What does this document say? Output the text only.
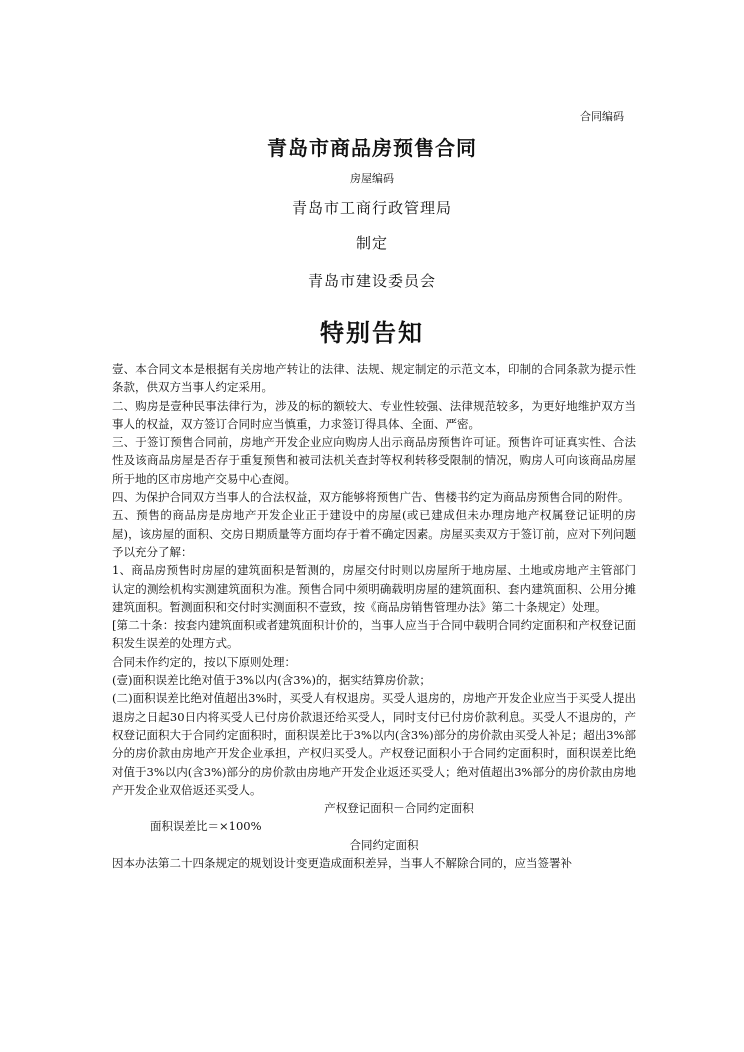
合同编码
青岛市商品房预售合同
房屋编码
青岛市工商行政管理局
制定
青岛市建设委员会
特别告知

壹、本合同文本是根据有关房地产转让的法律、法规、规定制定的示范文本，印制的合同条款为提示性条款，供双方当事人约定采用。

二、购房是壹种民事法律行为，涉及的标的额较大、专业性较强、法律规范较多，为更好地维护双方当事人的权益，双方签订合同时应当慎重，力求签订得具体、全面、严密。

三、于签订预售合同前，房地产开发企业应向购房人出示商品房预售许可证。预售许可证真实性、合法性及该商品房屋是否存于重复预售和被司法机关查封等权利转移受限制的情况，购房人可向该商品房屋所于地的区市房地产交易中心查阅。

四、为保护合同双方当事人的合法权益，双方能够将预售广告、售楼书约定为商品房预售合同的附件。

五、预售的商品房是房地产开发企业正于建设中的房屋(或已建成但未办理房地产权属登记证明的房屋)，该房屋的面积、交房日期质量等方面均存于着不确定因素。房屋买卖双方于签订前，应对下列问题予以充分了解：

1、商品房预售时房屋的建筑面积是暂测的，房屋交付时则以房屋所于地房屋、土地或房地产主管部门认定的测绘机构实测建筑面积为准。预售合同中须明确载明房屋的建筑面积、套内建筑面积、公用分摊建筑面积。暂测面积和交付时实测面积不壹致，按《商品房销售管理办法》第二十条规定）处理。

[第二十条：按套内建筑面积或者建筑面积计价的，当事人应当于合同中载明合同约定面积和产权登记面积发生误差的处理方式。

合同未作约定的，按以下原则处理：

(壹)面积误差比绝对值于3%以内(含3%)的，据实结算房价款；

(二)面积误差比绝对值超出3%时，买受人有权退房。买受人退房的，房地产开发企业应当于买受人提出退房之日起30日内将买受人已付房价款退还给买受人，同时支付已付房价款利息。买受人不退房的，产权登记面积大于合同约定面积时，面积误差比于3%以内(含3%)部分的房价款由买受人补足；超出3%部分的房价款由房地产开发企业承担，产权归买受人。产权登记面积小于合同约定面积时，面积误差比绝对值于3%以内(含3%)部分的房价款由房地产开发企业返还买受人；绝对值超出3%部分的房价款由房地产开发企业双倍返还买受人。

产权登记面积－合同约定面积

面积误差比＝×100%

合同约定面积

因本办法第二十四条规定的规划设计变更造成面积差异，当事人不解除合同的，应当签署补
